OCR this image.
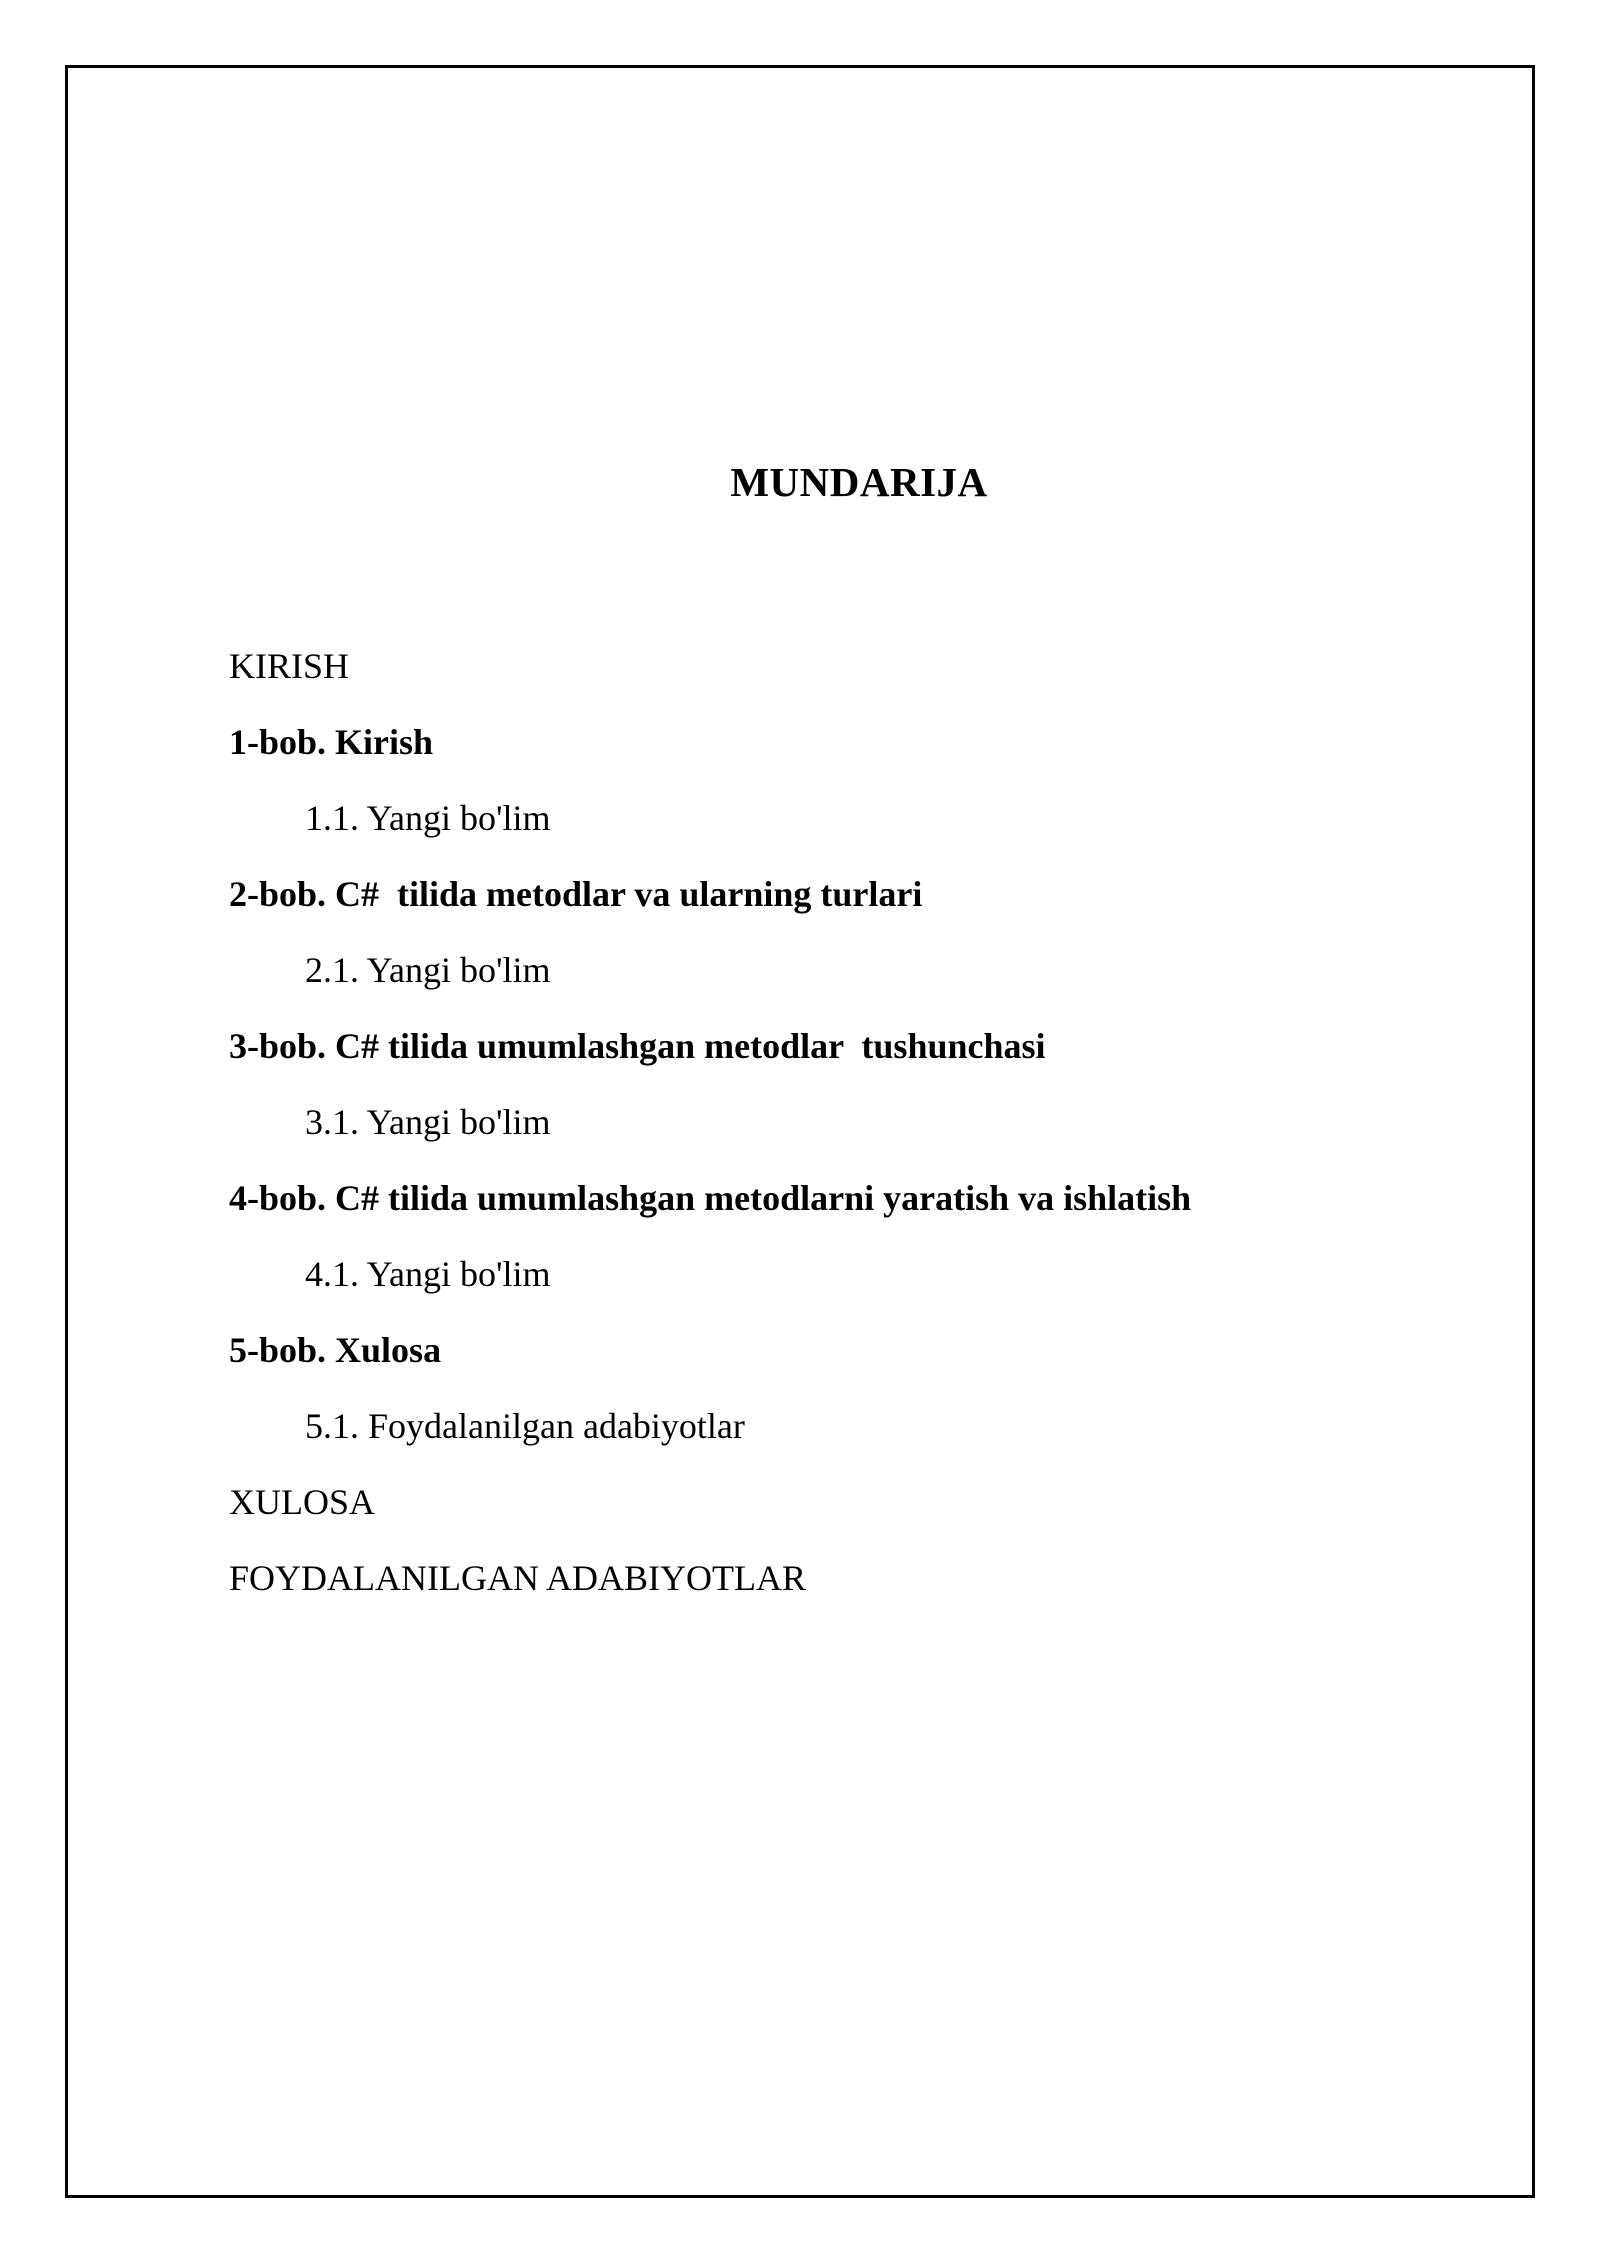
MUNDARIJA
KIRISH
1-bob. Kirish
1.1. Yangi bo'lim
2-bob. C#  tilida metodlar va ularning turlari
2.1. Yangi bo'lim
3-bob. C# tilida umumlashgan metodlar  tushunchasi
3.1. Yangi bo'lim
4-bob. C# tilida umumlashgan metodlarni yaratish va ishlatish
4.1. Yangi bo'lim
5-bob. Xulosa
5.1. Foydalanilgan adabiyotlar
XULOSA
FOYDALANILGAN ADABIYOTLAR
